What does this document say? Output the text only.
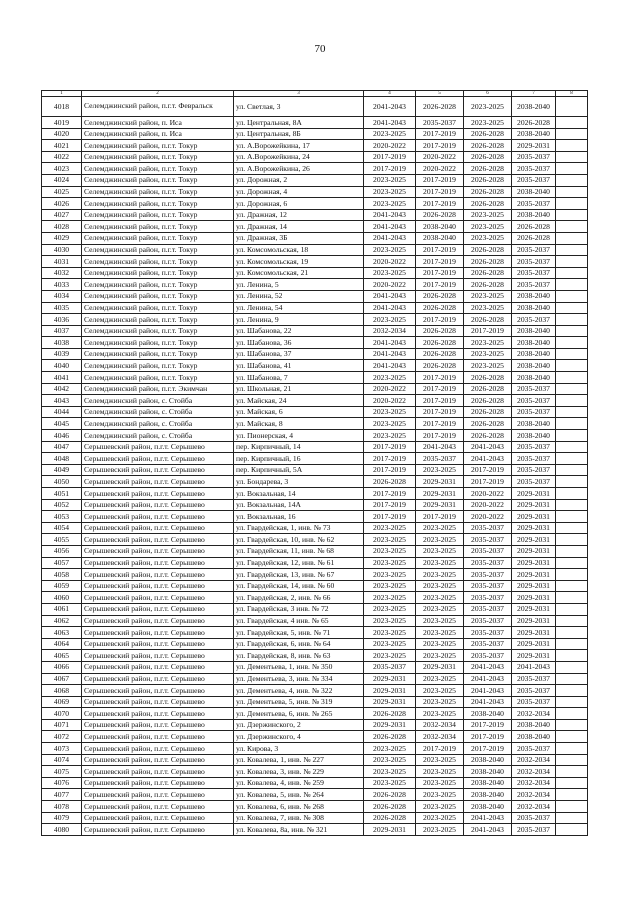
70
1	2	3	4	5	6	7	8
4018	Селемджинский район, п.г.т. Февральск	ул. Светлая, 3	2041-2043	2026-2028	2023-2025	2038-2040	
4019	Селемджинский район, п. Иса	ул. Центральная, 8А	2041-2043	2035-2037	2023-2025	2026-2028	
4020	Селемджинский район, п. Иса	ул. Центральная, 8Б	2023-2025	2017-2019	2026-2028	2038-2040	
4021	Селемджинский район, п.г.т. Токур	ул. А.Ворожейкина, 17	2020-2022	2017-2019	2026-2028	2029-2031	
4022	Селемджинский район, п.г.т. Токур	ул. А.Ворожейкина, 24	2017-2019	2020-2022	2026-2028	2035-2037	
4023	Селемджинский район, п.г.т. Токур	ул. А.Ворожейкина, 26	2017-2019	2020-2022	2026-2028	2035-2037	
4024	Селемджинский район, п.г.т. Токур	ул. Дорожная, 2	2023-2025	2017-2019	2026-2028	2035-2037	
4025	Селемджинский район, п.г.т. Токур	ул. Дорожная, 4	2023-2025	2017-2019	2026-2028	2038-2040	
4026	Селемджинский район, п.г.т. Токур	ул. Дорожная, 6	2023-2025	2017-2019	2026-2028	2035-2037	
4027	Селемджинский район, п.г.т. Токур	ул. Дражная, 12	2041-2043	2026-2028	2023-2025	2038-2040	
4028	Селемджинский район, п.г.т. Токур	ул. Дражная, 14	2041-2043	2038-2040	2023-2025	2026-2028	
4029	Селемджинский район, п.г.т. Токур	ул. Дражная, 3Б	2041-2043	2038-2040	2023-2025	2026-2028	
4030	Селемджинский район, п.г.т. Токур	ул. Комсомольская, 18	2023-2025	2017-2019	2026-2028	2035-2037	
4031	Селемджинский район, п.г.т. Токур	ул. Комсомольская, 19	2020-2022	2017-2019	2026-2028	2035-2037	
4032	Селемджинский район, п.г.т. Токур	ул. Комсомольская, 21	2023-2025	2017-2019	2026-2028	2035-2037	
4033	Селемджинский район, п.г.т. Токур	ул. Ленина, 5	2020-2022	2017-2019	2026-2028	2035-2037	
4034	Селемджинский район, п.г.т. Токур	ул. Ленина, 52	2041-2043	2026-2028	2023-2025	2038-2040	
4035	Селемджинский район, п.г.т. Токур	ул. Ленина, 54	2041-2043	2026-2028	2023-2025	2038-2040	
4036	Селемджинский район, п.г.т. Токур	ул. Ленина, 9	2023-2025	2017-2019	2026-2028	2035-2037	
4037	Селемджинский район, п.г.т. Токур	ул. Шабанова, 22	2032-2034	2026-2028	2017-2019	2038-2040	
4038	Селемджинский район, п.г.т. Токур	ул. Шабанова, 36	2041-2043	2026-2028	2023-2025	2038-2040	
4039	Селемджинский район, п.г.т. Токур	ул. Шабанова, 37	2041-2043	2026-2028	2023-2025	2038-2040	
4040	Селемджинский район, п.г.т. Токур	ул. Шабанова, 41	2041-2043	2026-2028	2023-2025	2038-2040	
4041	Селемджинский район, п.г.т. Токур	ул. Шабанова, 7	2023-2025	2017-2019	2026-2028	2038-2040	
4042	Селемджинский район, п.г.т. Экимчан	ул. Школьная, 21	2020-2022	2017-2019	2026-2028	2035-2037	
4043	Селемджинский район, с. Стойба	ул. Майская, 24	2020-2022	2017-2019	2026-2028	2035-2037	
4044	Селемджинский район, с. Стойба	ул. Майская, 6	2023-2025	2017-2019	2026-2028	2035-2037	
4045	Селемджинский район, с. Стойба	ул. Майская, 8	2023-2025	2017-2019	2026-2028	2038-2040	
4046	Селемджинский район, с. Стойба	ул. Пионерская, 4	2023-2025	2017-2019	2026-2028	2038-2040	
4047	Серышевский район, п.г.т. Серышево	пер. Кирпичный, 14	2017-2019	2041-2043	2041-2043	2035-2037	
4048	Серышевский район, п.г.т. Серышево	пер. Кирпичный, 16	2017-2019	2035-2037	2041-2043	2035-2037	
4049	Серышевский район, п.г.т. Серышево	пер. Кирпичный, 5А	2017-2019	2023-2025	2017-2019	2035-2037	
4050	Серышевский район, п.г.т. Серышево	ул. Бондарева, 3	2026-2028	2029-2031	2017-2019	2035-2037	
4051	Серышевский район, п.г.т. Серышево	ул. Вокзальная, 14	2017-2019	2029-2031	2020-2022	2029-2031	
4052	Серышевский район, п.г.т. Серышево	ул. Вокзальная, 14А	2017-2019	2029-2031	2020-2022	2029-2031	
4053	Серышевский район, п.г.т. Серышево	ул. Вокзальная, 16	2017-2019	2017-2019	2020-2022	2029-2031	
4054	Серышевский район, п.г.т. Серышево	ул. Гвардейская, 1, инв. № 73	2023-2025	2023-2025	2035-2037	2029-2031	
4055	Серышевский район, п.г.т. Серышево	ул. Гвардейская, 10, инв. № 62	2023-2025	2023-2025	2035-2037	2029-2031	
4056	Серышевский район, п.г.т. Серышево	ул. Гвардейская, 11, инв. № 68	2023-2025	2023-2025	2035-2037	2029-2031	
4057	Серышевский район, п.г.т. Серышево	ул. Гвардейская, 12, инв. № 61	2023-2025	2023-2025	2035-2037	2029-2031	
4058	Серышевский район, п.г.т. Серышево	ул. Гвардейская, 13, инв. № 67	2023-2025	2023-2025	2035-2037	2029-2031	
4059	Серышевский район, п.г.т. Серышево	ул. Гвардейская, 14, инв. № 60	2023-2025	2023-2025	2035-2037	2029-2031	
4060	Серышевский район, п.г.т. Серышево	ул. Гвардейская, 2, инв. № 66	2023-2025	2023-2025	2035-2037	2029-2031	
4061	Серышевский район, п.г.т. Серышево	ул. Гвардейская, 3 инв. № 72	2023-2025	2023-2025	2035-2037	2029-2031	
4062	Серышевский район, п.г.т. Серышево	ул. Гвардейская, 4 инв. № 65	2023-2025	2023-2025	2035-2037	2029-2031	
4063	Серышевский район, п.г.т. Серышево	ул. Гвардейская, 5, инв. № 71	2023-2025	2023-2025	2035-2037	2029-2031	
4064	Серышевский район, п.г.т. Серышево	ул. Гвардейская, 6, инв. № 64	2023-2025	2023-2025	2035-2037	2029-2031	
4065	Серышевский район, п.г.т. Серышево	ул. Гвардейская, 8, инв. № 63	2023-2025	2023-2025	2035-2037	2029-2031	
4066	Серышевский район, п.г.т. Серышево	ул. Дементьева, 1, инв. № 350	2035-2037	2029-2031	2041-2043	2041-2043	
4067	Серышевский район, п.г.т. Серышево	ул. Дементьева, 3, инв. № 334	2029-2031	2023-2025	2041-2043	2035-2037	
4068	Серышевский район, п.г.т. Серышево	ул. Дементьева, 4, инв. № 322	2029-2031	2023-2025	2041-2043	2035-2037	
4069	Серышевский район, п.г.т. Серышево	ул. Дементьева, 5, инв. № 319	2029-2031	2023-2025	2041-2043	2035-2037	
4070	Серышевский район, п.г.т. Серышево	ул. Дементьева, 6, инв. № 265	2026-2028	2023-2025	2038-2040	2032-2034	
4071	Серышевский район, п.г.т. Серышево	ул. Дзержинского, 2	2029-2031	2032-2034	2017-2019	2038-2040	
4072	Серышевский район, п.г.т. Серышево	ул. Дзержинского, 4	2026-2028	2032-2034	2017-2019	2038-2040	
4073	Серышевский район, п.г.т. Серышево	ул. Кирова, 3	2023-2025	2017-2019	2017-2019	2035-2037	
4074	Серышевский район, п.г.т. Серышево	ул. Ковалева, 1, инв. № 227	2023-2025	2023-2025	2038-2040	2032-2034	
4075	Серышевский район, п.г.т. Серышево	ул. Ковалева, 3, инв. № 229	2023-2025	2023-2025	2038-2040	2032-2034	
4076	Серышевский район, п.г.т. Серышево	ул. Ковалева, 4, инв. № 259	2023-2025	2023-2025	2038-2040	2032-2034	
4077	Серышевский район, п.г.т. Серышево	ул. Ковалева, 5, инв. № 264	2026-2028	2023-2025	2038-2040	2032-2034	
4078	Серышевский район, п.г.т. Серышево	ул. Ковалева, 6, инв. № 268	2026-2028	2023-2025	2038-2040	2032-2034	
4079	Серышевский район, п.г.т. Серышево	ул. Ковалева, 7, инв. № 308	2026-2028	2023-2025	2041-2043	2035-2037	
4080	Серышевский район, п.г.т. Серышево	ул. Ковалева, 8а, инв. № 321	2029-2031	2023-2025	2041-2043	2035-2037	
